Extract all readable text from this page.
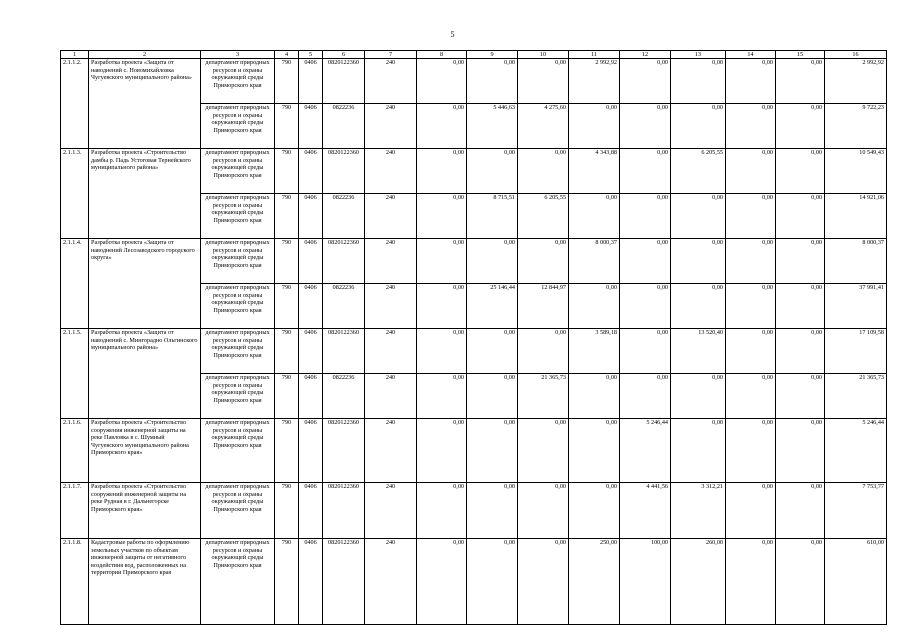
5
1	2	3	4	5	6	7	8	9	10	11	12	13	14	15	16
2.1.1.2.	Разработка проекта «Защита от наводнений с. Новомихайловка Чугуевского муниципального района»	департамент природных ресурсов и охраны окружающей среды Приморского края	790	0406	0820122360	240	0,00	0,00	0,00	2 992,92	0,00	0,00	0,00	0,00	2 992,92
		департамент природных ресурсов и охраны окружающей среды Приморского края	790	0406	0822236	240	0,00	5 446,63	4 275,60	0,00	0,00	0,00	0,00	0,00	9 722,23
2.1.1.3.	Разработка проекта «Строительство дамбы р. Падь Устоговая Тернейского муниципального района»	департамент природных ресурсов и охраны окружающей среды Приморского края	790	0406	0820122360	240	0,00	0,00	0,00	4 343,88	0,00	6 205,55	0,00	0,00	10 549,43
		департамент природных ресурсов и охраны окружающей среды Приморского края	790	0406	0822236	240	0,00	8 715,51	6 205,55	0,00	0,00	0,00	0,00	0,00	14 921,06
2.1.1.4.	Разработка проекта «Защита от наводнений Лесозаводского городского округа»	департамент природных ресурсов и охраны окружающей среды Приморского края	790	0406	0820122360	240	0,00	0,00	0,00	8 000,37	0,00	0,00	0,00	0,00	8 000,37
		департамент природных ресурсов и охраны окружающей среды Приморского края	790	0406	0822236	240	0,00	25 146,44	12 844,97	0,00	0,00	0,00	0,00	0,00	37 991,41
2.1.1.5.	Разработка проекта «Защита от наводнений с. Мингорадно Ольгинского муниципального района»	департамент природных ресурсов и охраны окружающей среды Приморского края	790	0406	0820122360	240	0,00	0,00	0,00	3 589,18	0,00	13 520,40	0,00	0,00	17 109,58
		департамент природных ресурсов и охраны окружающей среды Приморского края	790	0406	0822236	240	0,00	0,00	21 365,73	0,00	0,00	0,00	0,00	0,00	21 365,73
2.1.1.6.	Разработка проекта «Строительство сооружения инженерной защиты на реке Павловка в с. Шумный Чугуевского муниципального района Приморского края»	департамент природных ресурсов и охраны окружающей среды Приморского края	790	0406	0820122360	240	0,00	0,00	0,00	0,00	5 246,44	0,00	0,00	0,00	5 246,44
2.1.1.7.	Разработка проекта «Строительство сооружений инженерной защиты на реке Рудная в г. Дальнегорске Приморского края»	департамент природных ресурсов и охраны окружающей среды Приморского края	790	0406	0820122360	240	0,00	0,00	0,00	0,00	4 441,56	3 312,21	0,00	0,00	7 753,77
2.1.1.8.	Кадастровые работы по оформлению земельных участков по объектам инженерной защиты от негативного воздействия вод, расположенных на территории Приморского края	департамент природных ресурсов и охраны окружающей среды Приморского края	790	0406	0820122360	240	0,00	0,00	0,00	250,00	100,00	260,00	0,00	0,00	610,00
